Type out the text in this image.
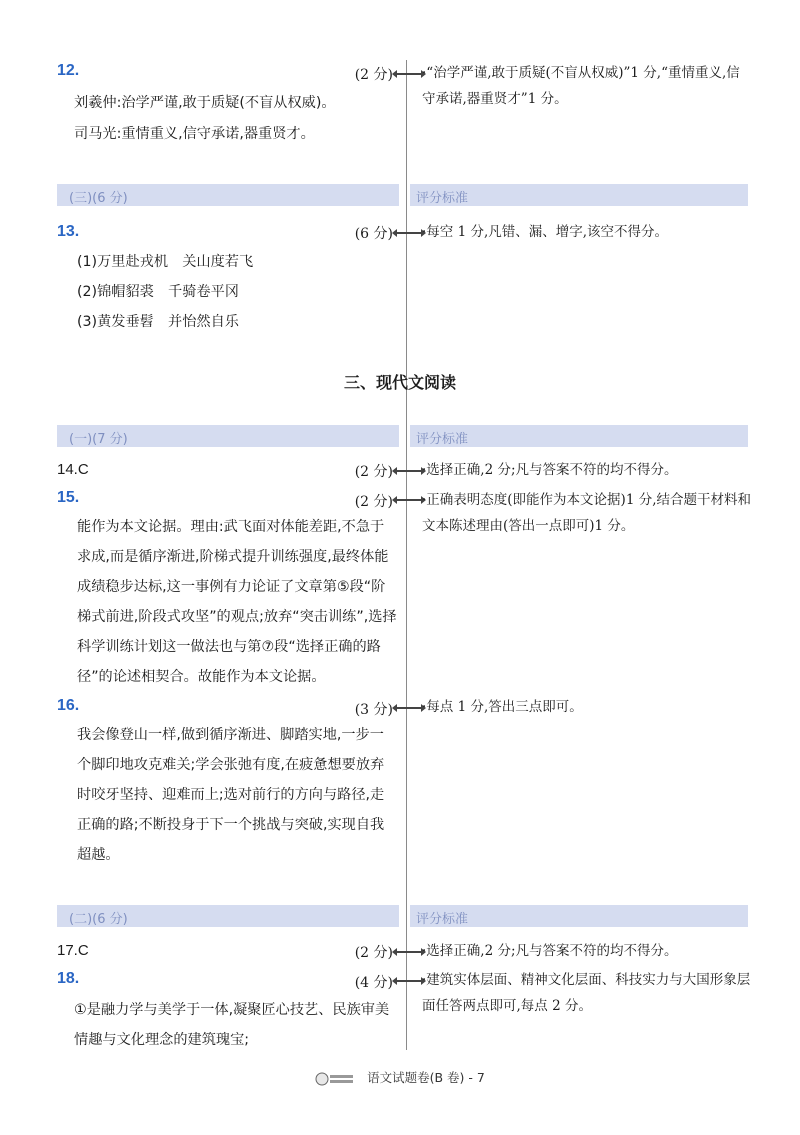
12.	(2 分) ·“治学严谨,敢于质疑(不盲从权威)”1 分,“重情重义,信守承诺,器重贤才”1 分。
刘羲仲:治学严谨,敢于质疑(不盲从权威)。
司马光:重情重义,信守承诺,器重贤才。
(三)(6 分)	评分标准
13.	(6 分) ·每空 1 分,凡错、漏、增字,该空不得分。
(1)万里赴戎机　关山度若飞
(2)锦帽貂裘　千骑卷平冈
(3)黄发垂髫　并怡然自乐
三、现代文阅读
(一)(7 分)	评分标准
14.C	(2 分) ·选择正确,2 分;凡与答案不符的均不得分。
15.	(2 分) ·正确表明态度(即能作为本文论据)1 分,结合题干材料和文本陈述理由(答出一点即可)1 分。
能作为本文论据。理由:武飞面对体能差距,不急于求成,而是循序渐进,阶梯式提升训练强度,最终体能成绩稳步达标,这一事例有力论证了文章第⑤段“阶梯式前进,阶段式攻坚”的观点;放弃“突击训练”,选择科学训练计划这一做法也与第⑦段“选择正确的路径”的论述相契合。故能作为本文论据。
16.	(3 分) ·每点 1 分,答出三点即可。
我会像登山一样,做到循序渐进、脚踏实地,一步一个脚印地攻克难关;学会张弛有度,在疲惫想要放弃时咬牙坚持、迎难而上;选对前行的方向与路径,走正确的路;不断投身于下一个挑战与突破,实现自我超越。
(二)(6 分)	评分标准
17.C	(2 分) ·选择正确,2 分;凡与答案不符的均不得分。
18.	(4 分) ·建筑实体层面、精神文化层面、科技实力与大国形象层面任答两点即可,每点 2 分。
①是融力学与美学于一体,凝聚匠心技艺、民族审美情趣与文化理念的建筑瑰宝;
语文试题卷(B 卷) - 7
